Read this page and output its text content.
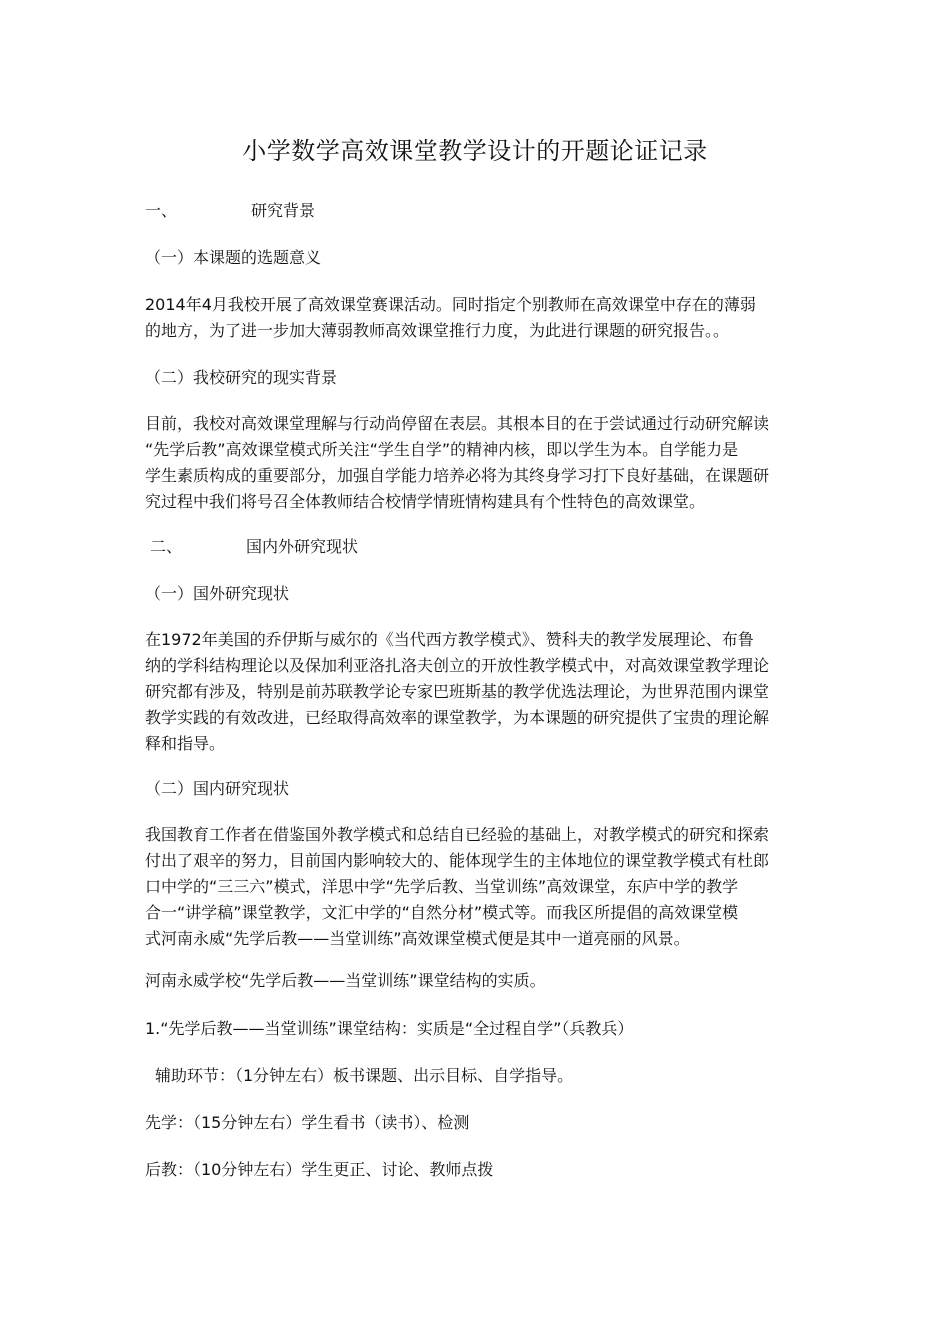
小学数学高效课堂教学设计的开题论证记录

一、	研究背景

（一）本课题的选题意义

2014年4月我校开展了高效课堂赛课活动。同时指定个别教师在高效课堂中存在的薄弱
的地方，为了进一步加大薄弱教师高效课堂推行力度，为此进行课题的研究报告。。

（二）我校研究的现实背景

目前，我校对高效课堂理解与行动尚停留在表层。其根本目的在于尝试通过行动研究解读
“先学后教”高效课堂模式所关注“学生自学”的精神内核，即以学生为本。自学能力是
学生素质构成的重要部分，加强自学能力培养必将为其终身学习打下良好基础，在课题研
究过程中我们将号召全体教师结合校情学情班情构建具有个性特色的高效课堂。

二、	国内外研究现状

（一）国外研究现状

在1972年美国的乔伊斯与威尔的《当代西方教学模式》、赞科夫的教学发展理论、布鲁
纳的学科结构理论以及保加利亚洛扎洛夫创立的开放性教学模式中，对高效课堂教学理论
研究都有涉及，特别是前苏联教学论专家巴班斯基的教学优选法理论，为世界范围内课堂
教学实践的有效改进，已经取得高效率的课堂教学，为本课题的研究提供了宝贵的理论解
释和指导。

（二）国内研究现状

我国教育工作者在借鉴国外教学模式和总结自已经验的基础上，对教学模式的研究和探索
付出了艰辛的努力，目前国内影响较大的、能体现学生的主体地位的课堂教学模式有杜郎
口中学的“三三六”模式，洋思中学“先学后教、当堂训练”高效课堂，东庐中学的教学
合一“讲学稿”课堂教学，文汇中学的“自然分材”模式等。而我区所提倡的高效课堂模
式河南永威“先学后教——当堂训练”高效课堂模式便是其中一道亮丽的风景。

河南永威学校“先学后教——当堂训练”课堂结构的实质。

1.“先学后教——当堂训练”课堂结构：实质是“全过程自学”（兵教兵）

辅助环节：（1分钟左右）板书课题、出示目标、自学指导。

先学：（15分钟左右）学生看书（读书）、检测

后教：（10分钟左右）学生更正、讨论、教师点拨
